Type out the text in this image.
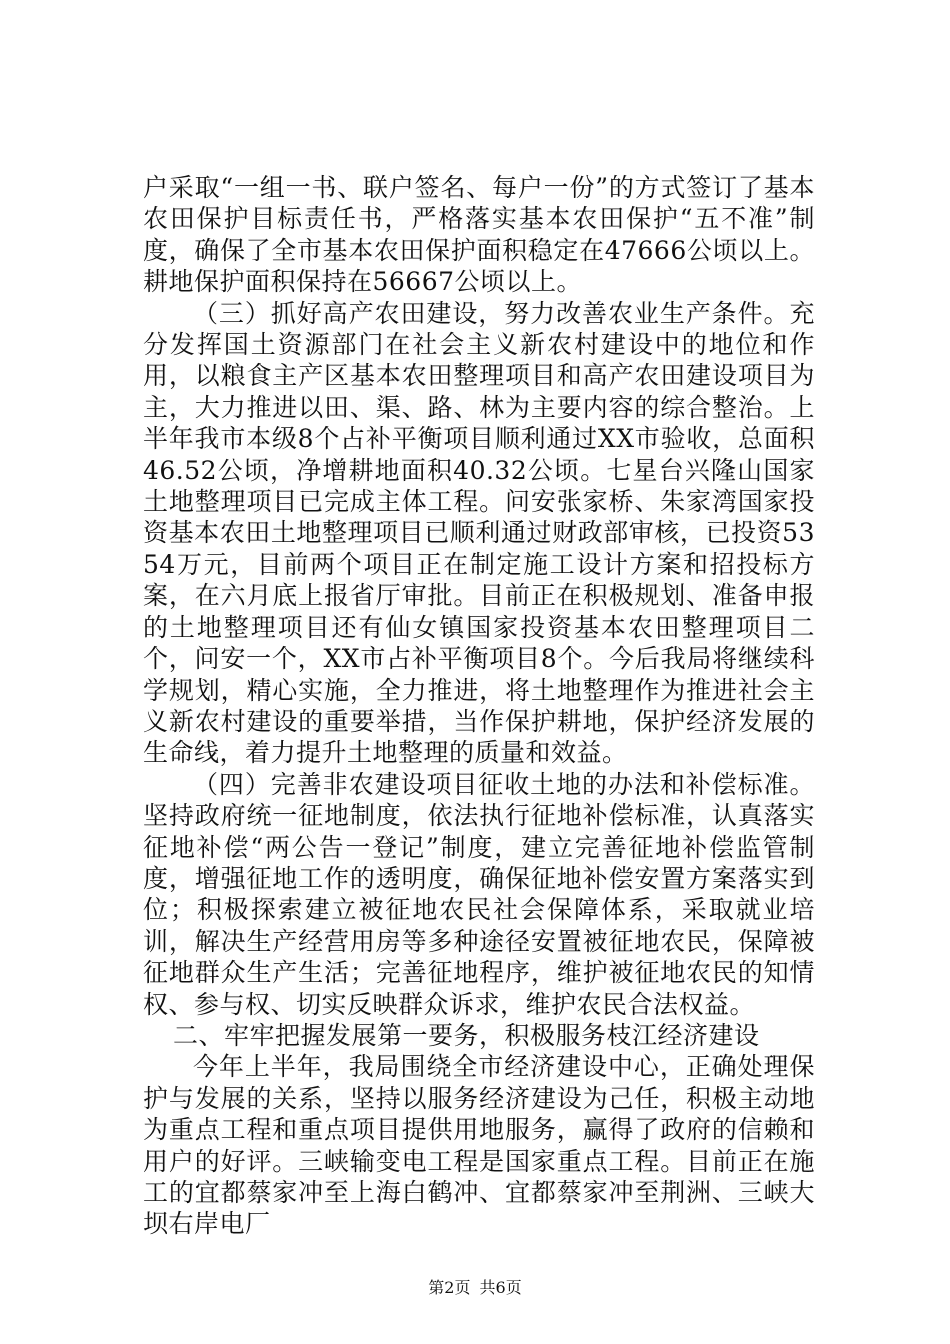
户采取“一组一书、联户签名、每户一份”的方式签订了基本农田保护目标责任书，严格落实基本农田保护“五不准”制度，确保了全市基本农田保护面积稳定在47666公顷以上。耕地保护面积保持在56667公顷以上。

（三）抓好高产农田建设，努力改善农业生产条件。充分发挥国土资源部门在社会主义新农村建设中的地位和作用，以粮食主产区基本农田整理项目和高产农田建设项目为主，大力推进以田、渠、路、林为主要内容的综合整治。上半年我市本级8个占补平衡项目顺利通过XX市验收，总面积46.52公顷，净增耕地面积40.32公顷。七星台兴隆山国家土地整理项目已完成主体工程。问安张家桥、朱家湾国家投资基本农田土地整理项目已顺利通过财政部审核，已投资5354万元，目前两个项目正在制定施工设计方案和招投标方案，在六月底上报省厅审批。目前正在积极规划、准备申报的土地整理项目还有仙女镇国家投资基本农田整理项目二个，问安一个，XX市占补平衡项目8个。今后我局将继续科学规划，精心实施，全力推进，将土地整理作为推进社会主义新农村建设的重要举措，当作保护耕地，保护经济发展的生命线，着力提升土地整理的质量和效益。

（四）完善非农建设项目征收土地的办法和补偿标准。坚持政府统一征地制度，依法执行征地补偿标准，认真落实征地补偿“两公告一登记”制度，建立完善征地补偿监管制度，增强征地工作的透明度，确保征地补偿安置方案落实到位；积极探索建立被征地农民社会保障体系，采取就业培训，解决生产经营用房等多种途径安置被征地农民，保障被征地群众生产生活；完善征地程序，维护被征地农民的知情权、参与权、切实反映群众诉求，维护农民合法权益。

二、牢牢把握发展第一要务，积极服务枝江经济建设

今年上半年，我局围绕全市经济建设中心，正确处理保护与发展的关系，坚持以服务经济建设为己任，积极主动地为重点工程和重点项目提供用地服务，赢得了政府的信赖和用户的好评。三峡输变电工程是国家重点工程。目前正在施工的宜都蔡家冲至上海白鹤冲、宜都蔡家冲至荆洲、三峡大坝右岸电厂

第2页 共6页
